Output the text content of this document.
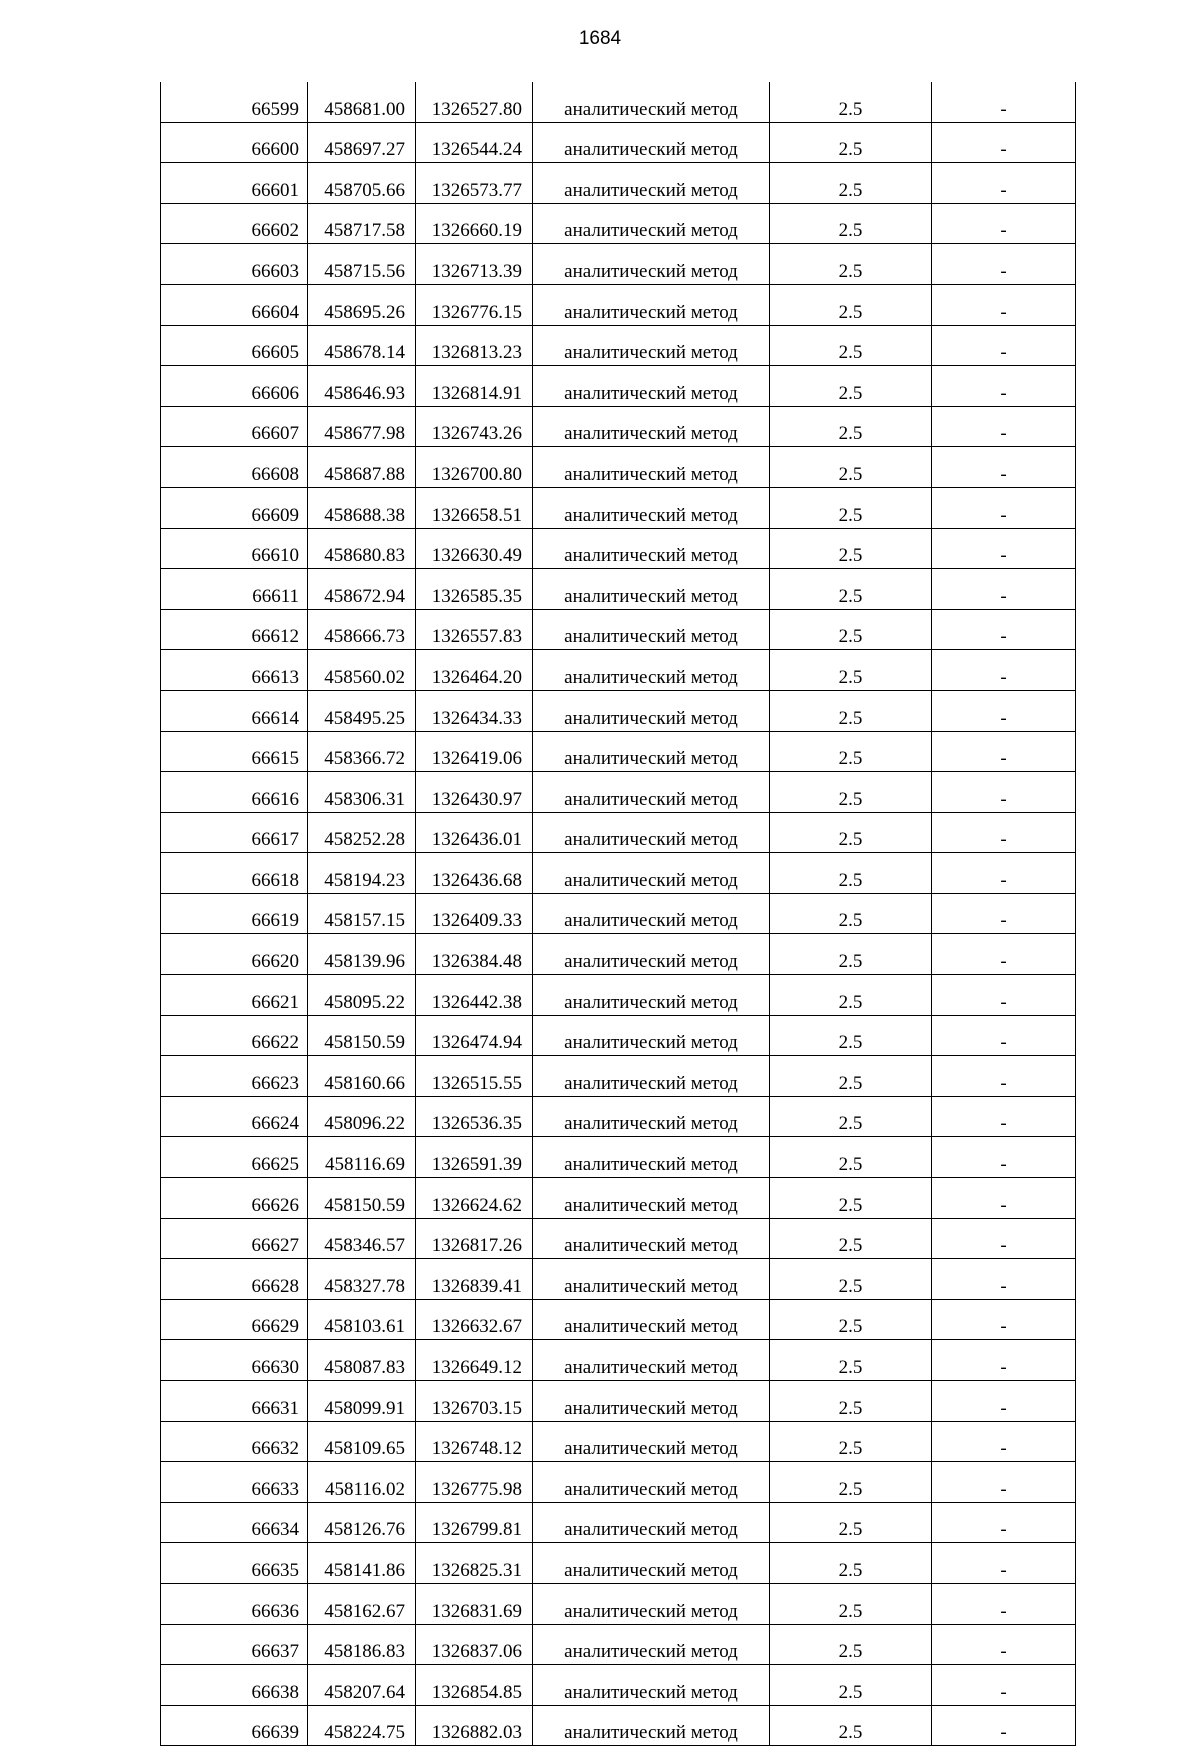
1684
66599	458681.00	1326527.80	аналитический метод	2.5	-
66600	458697.27	1326544.24	аналитический метод	2.5	-
66601	458705.66	1326573.77	аналитический метод	2.5	-
66602	458717.58	1326660.19	аналитический метод	2.5	-
66603	458715.56	1326713.39	аналитический метод	2.5	-
66604	458695.26	1326776.15	аналитический метод	2.5	-
66605	458678.14	1326813.23	аналитический метод	2.5	-
66606	458646.93	1326814.91	аналитический метод	2.5	-
66607	458677.98	1326743.26	аналитический метод	2.5	-
66608	458687.88	1326700.80	аналитический метод	2.5	-
66609	458688.38	1326658.51	аналитический метод	2.5	-
66610	458680.83	1326630.49	аналитический метод	2.5	-
66611	458672.94	1326585.35	аналитический метод	2.5	-
66612	458666.73	1326557.83	аналитический метод	2.5	-
66613	458560.02	1326464.20	аналитический метод	2.5	-
66614	458495.25	1326434.33	аналитический метод	2.5	-
66615	458366.72	1326419.06	аналитический метод	2.5	-
66616	458306.31	1326430.97	аналитический метод	2.5	-
66617	458252.28	1326436.01	аналитический метод	2.5	-
66618	458194.23	1326436.68	аналитический метод	2.5	-
66619	458157.15	1326409.33	аналитический метод	2.5	-
66620	458139.96	1326384.48	аналитический метод	2.5	-
66621	458095.22	1326442.38	аналитический метод	2.5	-
66622	458150.59	1326474.94	аналитический метод	2.5	-
66623	458160.66	1326515.55	аналитический метод	2.5	-
66624	458096.22	1326536.35	аналитический метод	2.5	-
66625	458116.69	1326591.39	аналитический метод	2.5	-
66626	458150.59	1326624.62	аналитический метод	2.5	-
66627	458346.57	1326817.26	аналитический метод	2.5	-
66628	458327.78	1326839.41	аналитический метод	2.5	-
66629	458103.61	1326632.67	аналитический метод	2.5	-
66630	458087.83	1326649.12	аналитический метод	2.5	-
66631	458099.91	1326703.15	аналитический метод	2.5	-
66632	458109.65	1326748.12	аналитический метод	2.5	-
66633	458116.02	1326775.98	аналитический метод	2.5	-
66634	458126.76	1326799.81	аналитический метод	2.5	-
66635	458141.86	1326825.31	аналитический метод	2.5	-
66636	458162.67	1326831.69	аналитический метод	2.5	-
66637	458186.83	1326837.06	аналитический метод	2.5	-
66638	458207.64	1326854.85	аналитический метод	2.5	-
66639	458224.75	1326882.03	аналитический метод	2.5	-
